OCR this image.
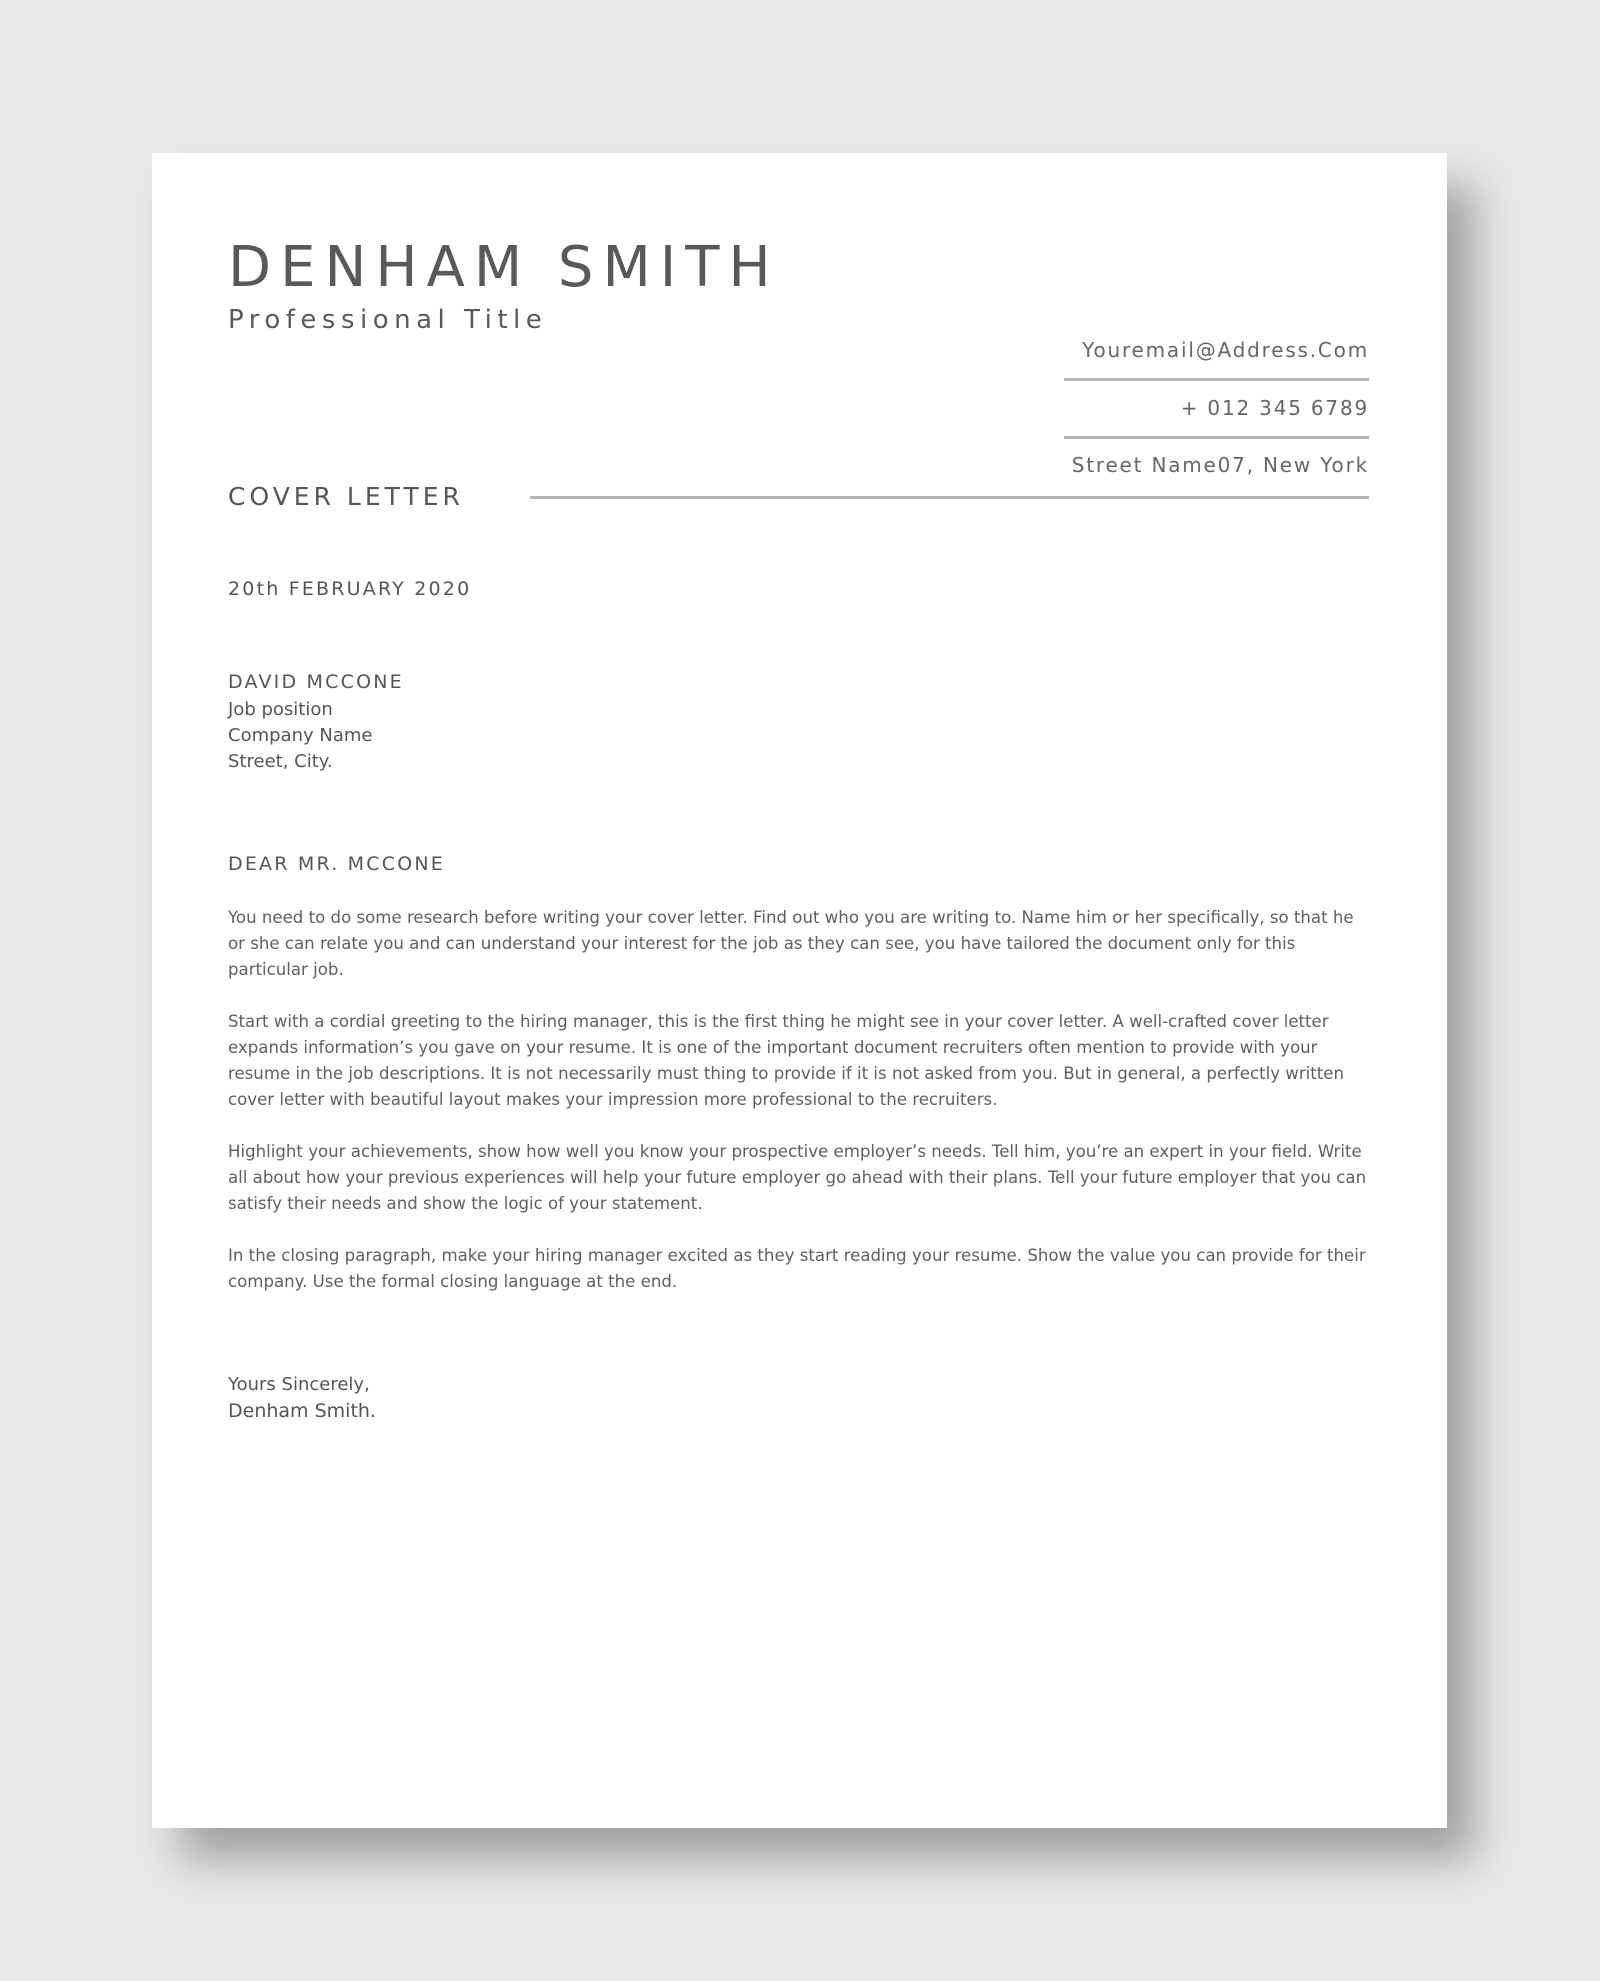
DENHAM SMITH
Professional Title
Youremail@Address.Com
+ 012 345 6789
Street Name07, New York
COVER LETTER
20th FEBRUARY 2020
DAVID MCCONE
Job position
Company Name
Street, City.
DEAR MR. MCCONE

You need to do some research before writing your cover letter. Find out who you are writing to. Name him or her specifically, so that he or she can relate you and can understand your interest for the job as they can see, you have tailored the document only for this particular job.

Start with a cordial greeting to the hiring manager, this is the first thing he might see in your cover letter. A well-crafted cover letter expands information’s you gave on your resume. It is one of the important document recruiters often mention to provide with your resume in the job descriptions. It is not necessarily must thing to provide if it is not asked from you. But in general, a perfectly written cover letter with beautiful layout makes your impression more professional to the recruiters.

Highlight your achievements, show how well you know your prospective employer’s needs. Tell him, you’re an expert in your field. Write all about how your previous experiences will help your future employer go ahead with their plans. Tell your future employer that you can satisfy their needs and show the logic of your statement.

In the closing paragraph, make your hiring manager excited as they start reading your resume. Show the value you can provide for their company. Use the formal closing language at the end.

Yours Sincerely,
Denham Smith.
